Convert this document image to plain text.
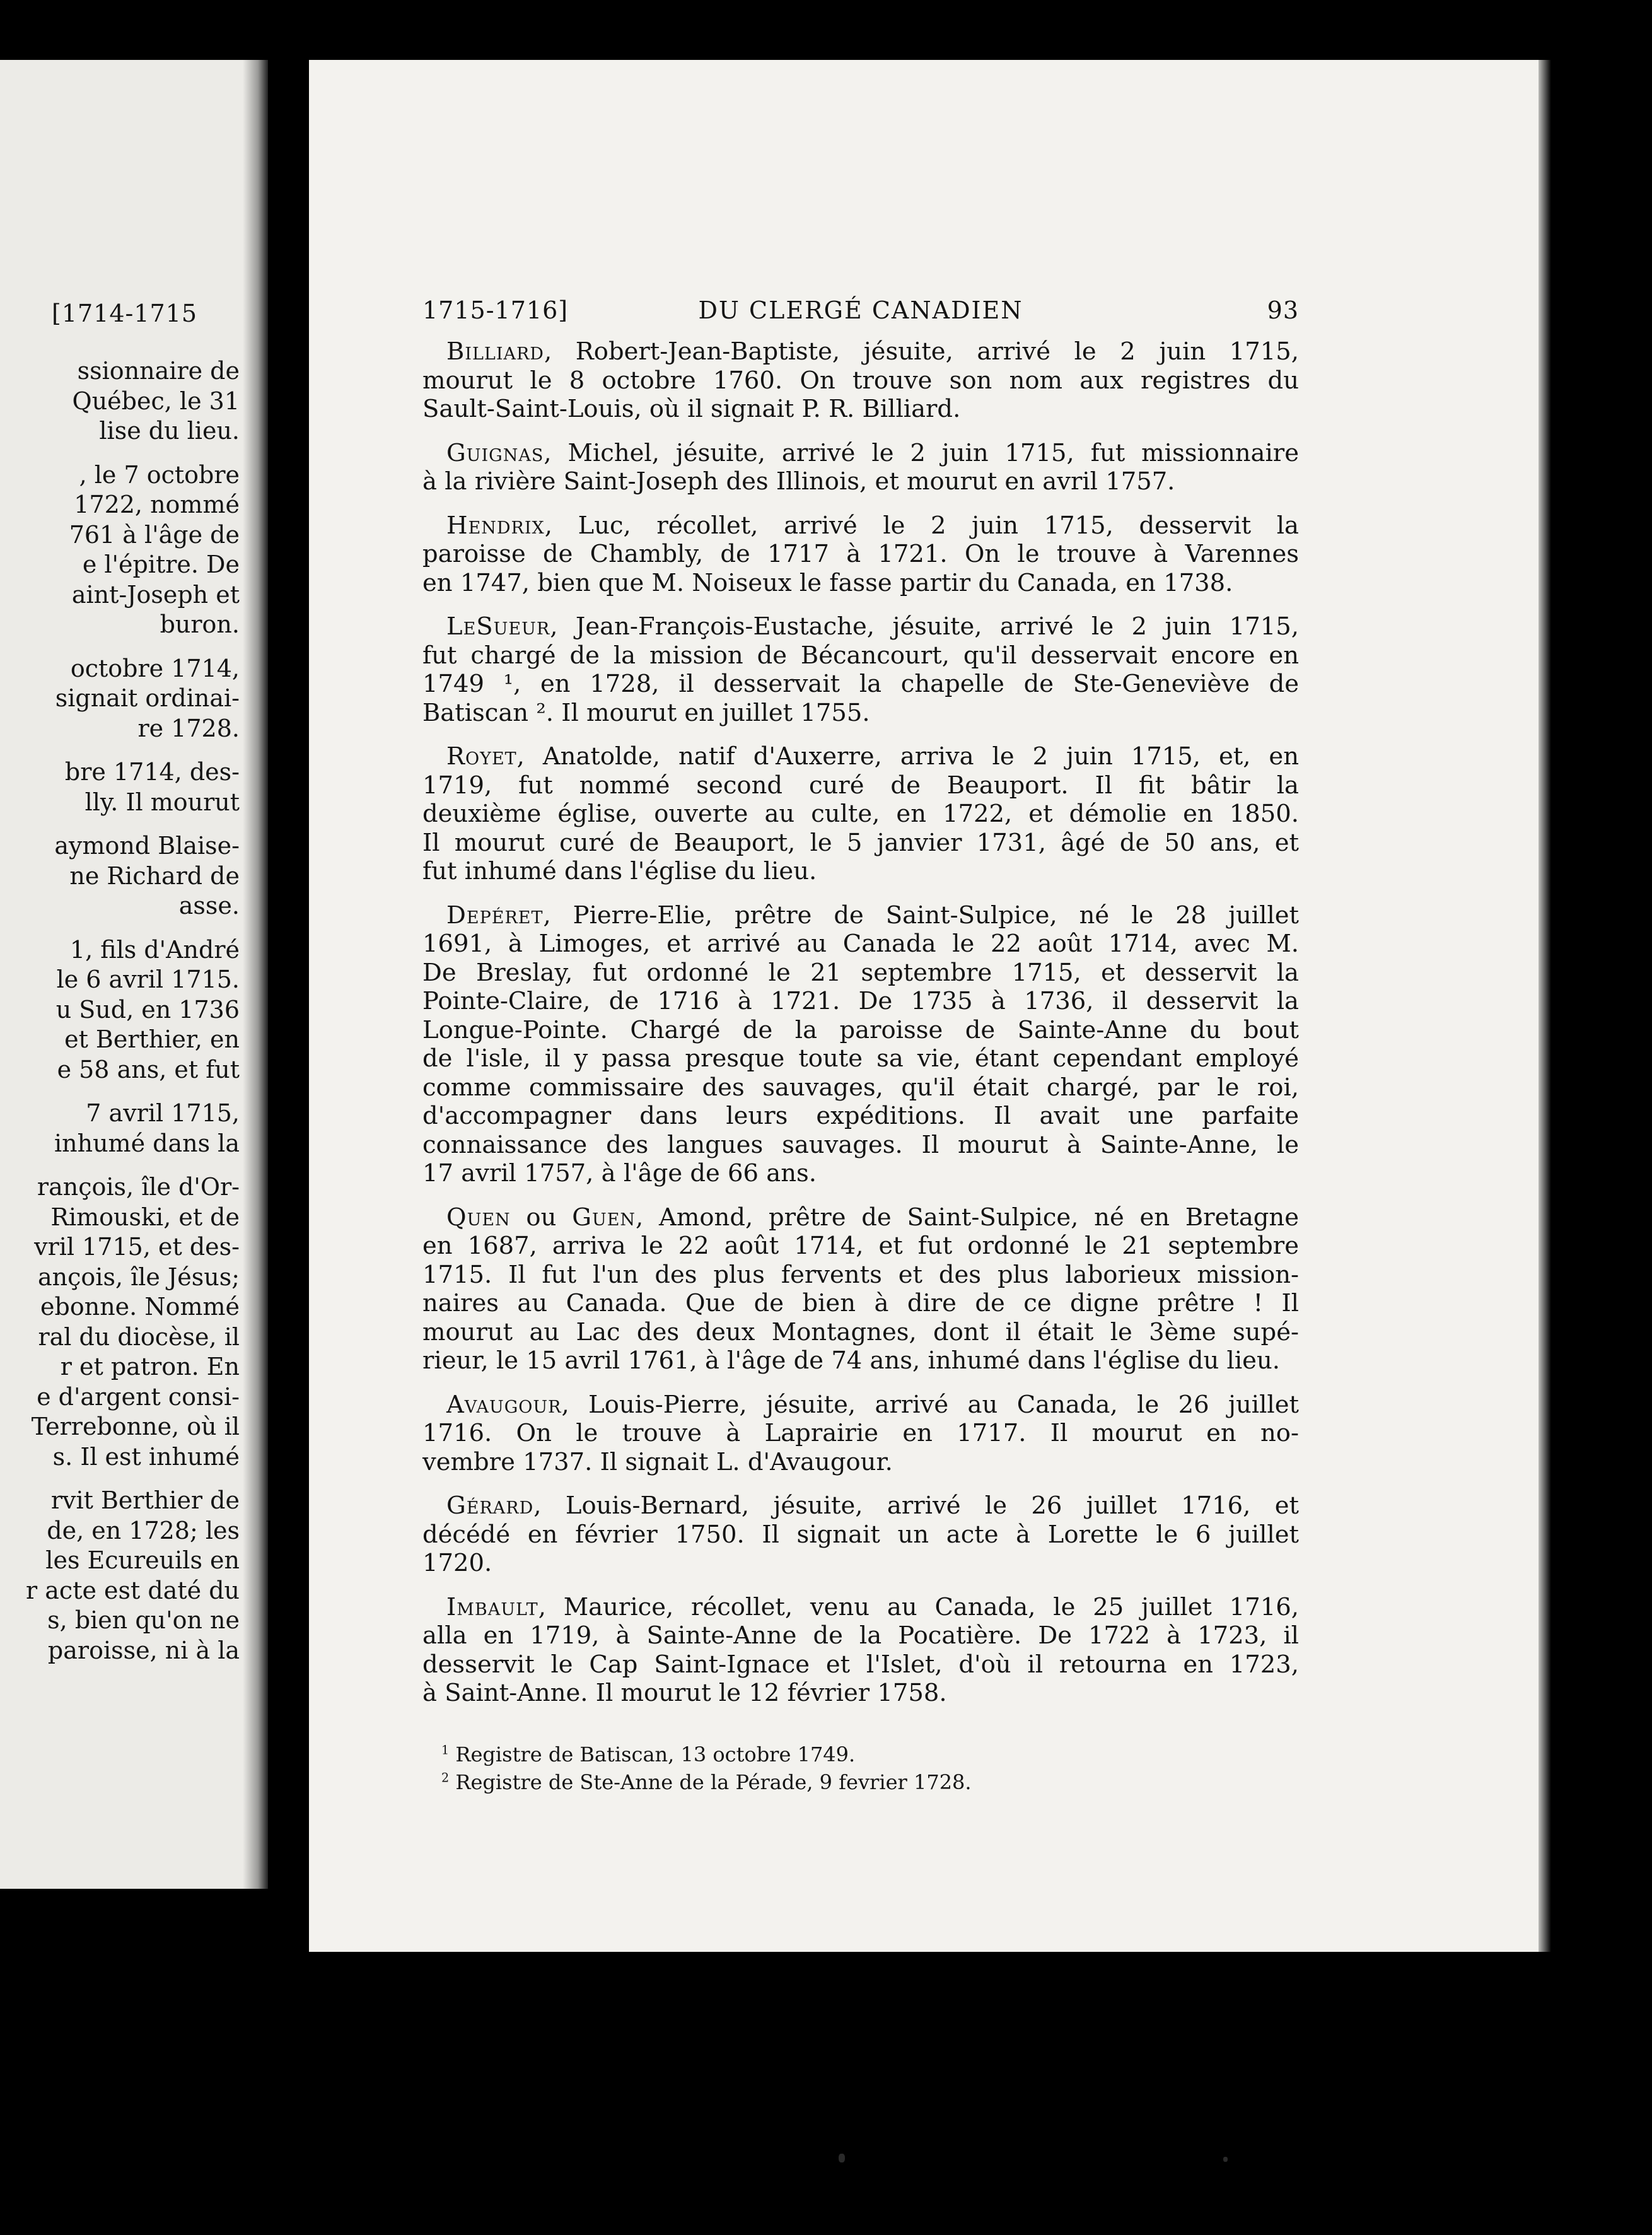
[1714-1715
ssionnaire de
Québec, le 31
lise du lieu.
, le 7 octobre
1722, nommé
761 à l'âge de
e l'épitre. De
aint-Joseph et
buron.
octobre 1714,
signait ordinai-
re 1728.
bre 1714, des-
lly. Il mourut
aymond Blaise-
ne Richard de
asse.
1, fils d'André
le 6 avril 1715.
u Sud, en 1736
et Berthier, en
e 58 ans, et fut
7 avril 1715,
inhumé dans la
rançois, île d'Or-
Rimouski, et de
vril 1715, et des-
ançois, île Jésus;
ebonne. Nommé
ral du diocèse, il
r et patron. En
e d'argent consi-
Terrebonne, où il
s. Il est inhumé
rvit Berthier de
de, en 1728; les
les Ecureuils en
r acte est daté du
s, bien qu'on ne
paroisse, ni à la
1715-1716]	DU CLERGÉ CANADIEN	93
Billiard, Robert-Jean-Baptiste, jésuite, arrivé le 2 juin 1715,
mourut le 8 octobre 1760. On trouve son nom aux registres du
Sault-Saint-Louis, où il signait P. R. Billiard.
Guignas, Michel, jésuite, arrivé le 2 juin 1715, fut missionnaire
à la rivière Saint-Joseph des Illinois, et mourut en avril 1757.
Hendrix, Luc, récollet, arrivé le 2 juin 1715, desservit la
paroisse de Chambly, de 1717 à 1721. On le trouve à Varennes
en 1747, bien que M. Noiseux le fasse partir du Canada, en 1738.
LeSueur, Jean-François-Eustache, jésuite, arrivé le 2 juin 1715,
fut chargé de la mission de Bécancourt, qu'il desservait encore en
1749 ¹, en 1728, il desservait la chapelle de Ste-Geneviève de
Batiscan ². Il mourut en juillet 1755.
Royet, Anatolde, natif d'Auxerre, arriva le 2 juin 1715, et, en
1719, fut nommé second curé de Beauport. Il fit bâtir la
deuxième église, ouverte au culte, en 1722, et démolie en 1850.
Il mourut curé de Beauport, le 5 janvier 1731, âgé de 50 ans, et
fut inhumé dans l'église du lieu.
Depéret, Pierre-Elie, prêtre de Saint-Sulpice, né le 28 juillet
1691, à Limoges, et arrivé au Canada le 22 août 1714, avec M.
De Breslay, fut ordonné le 21 septembre 1715, et desservit la
Pointe-Claire, de 1716 à 1721. De 1735 à 1736, il desservit la
Longue-Pointe. Chargé de la paroisse de Sainte-Anne du bout
de l'isle, il y passa presque toute sa vie, étant cependant employé
comme commissaire des sauvages, qu'il était chargé, par le roi,
d'accompagner dans leurs expéditions. Il avait une parfaite
connaissance des langues sauvages. Il mourut à Sainte-Anne, le
17 avril 1757, à l'âge de 66 ans.
Quen ou Guen, Amond, prêtre de Saint-Sulpice, né en Bretagne
en 1687, arriva le 22 août 1714, et fut ordonné le 21 septembre
1715. Il fut l'un des plus fervents et des plus laborieux mission-
naires au Canada. Que de bien à dire de ce digne prêtre ! Il
mourut au Lac des deux Montagnes, dont il était le 3ème supé-
rieur, le 15 avril 1761, à l'âge de 74 ans, inhumé dans l'église du lieu.
Avaugour, Louis-Pierre, jésuite, arrivé au Canada, le 26 juillet
1716. On le trouve à Laprairie en 1717. Il mourut en no-
vembre 1737. Il signait L. d'Avaugour.
Gérard, Louis-Bernard, jésuite, arrivé le 26 juillet 1716, et
décédé en février 1750. Il signait un acte à Lorette le 6 juillet
1720.
Imbault, Maurice, récollet, venu au Canada, le 25 juillet 1716,
alla en 1719, à Sainte-Anne de la Pocatière. De 1722 à 1723, il
desservit le Cap Saint-Ignace et l'Islet, d'où il retourna en 1723,
à Saint-Anne. Il mourut le 12 février 1758.
$^1$ Registre de Batiscan, 13 octobre 1749.
$^2$ Registre de Ste-Anne de la Pérade, 9 fevrier 1728.
